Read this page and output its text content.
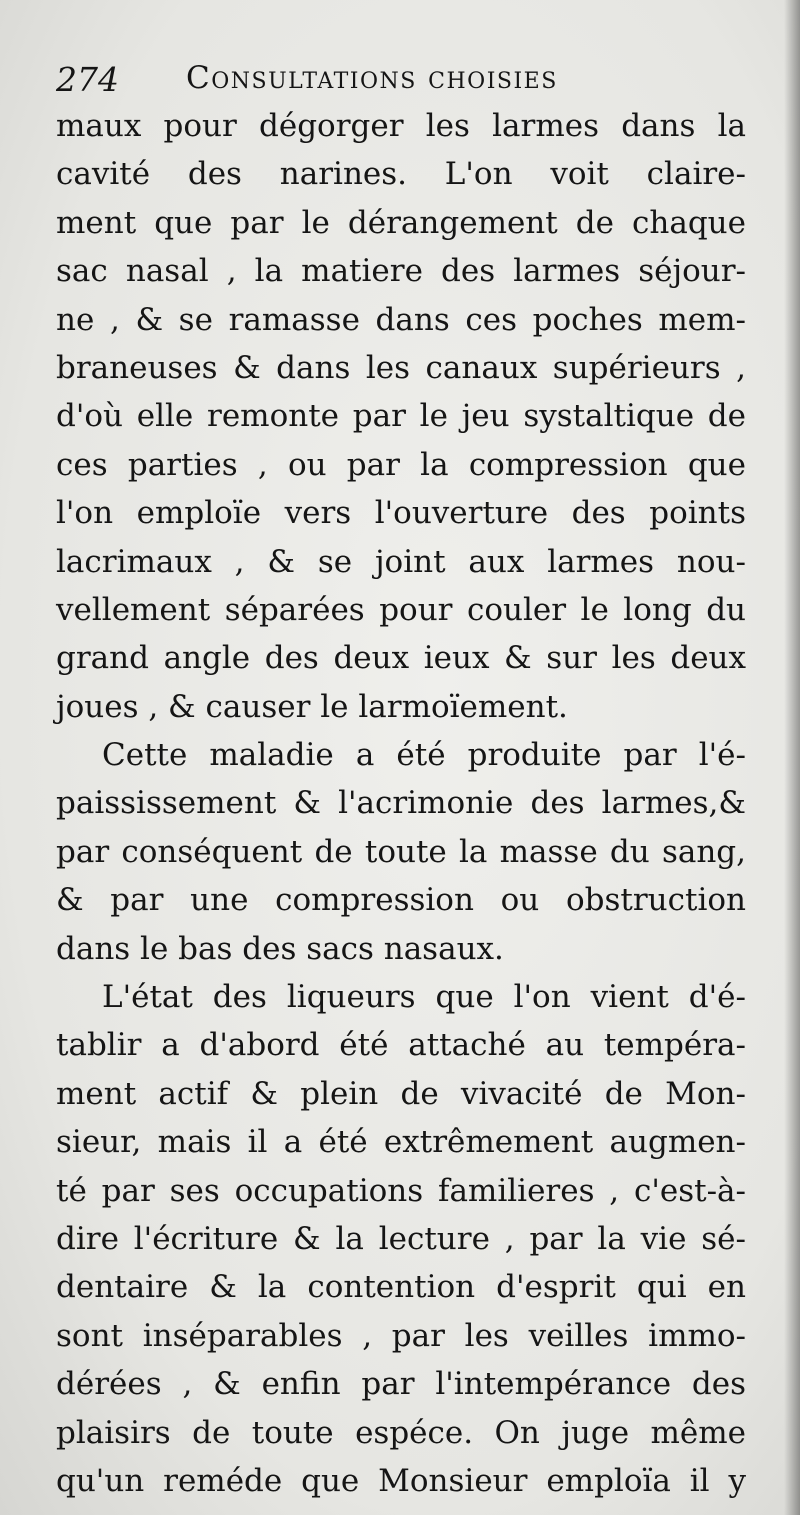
274 Consultations choisies
maux pour dégorger les larmes dans la
cavité des narines. L'on voit claire-
ment que par le dérangement de chaque
sac nasal , la matiere des larmes séjour-
ne , & se ramasse dans ces poches mem-
braneuses & dans les canaux supérieurs ,
d'où elle remonte par le jeu systaltique de
ces parties , ou par la compression que
l'on emploïe vers l'ouverture des points
lacrimaux , & se joint aux larmes nou-
vellement séparées pour couler le long du
grand angle des deux ieux & sur les deux
joues , & causer le larmoïement.
Cette maladie a été produite par l'é-
paississement & l'acrimonie des larmes,&
par conséquent de toute la masse du sang,
& par une compression ou obstruction
dans le bas des sacs nasaux.
L'état des liqueurs que l'on vient d'é-
tablir a d'abord été attaché au tempéra-
ment actif & plein de vivacité de Mon-
sieur, mais il a été extrêmement augmen-
té par ses occupations familieres , c'est-à-
dire l'écriture & la lecture , par la vie sé-
dentaire & la contention d'esprit qui en
sont inséparables , par les veilles immo-
dérées , & enfin par l'intempérance des
plaisirs de toute espéce. On juge même
qu'un reméde que Monsieur emploïa il y
